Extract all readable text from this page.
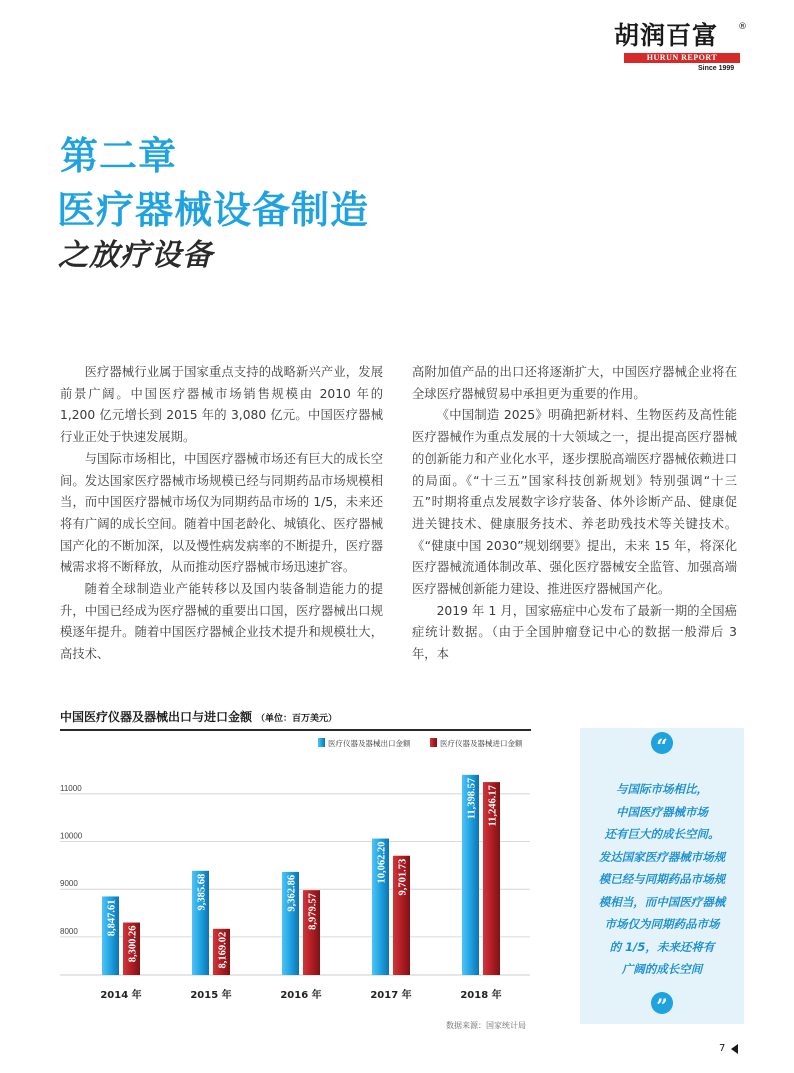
胡润百富	®
HURUN REPORT
Since 1999
第二章
医疗器械设备制造
之放疗设备

医疗器械行业属于国家重点支持的战略新兴产业，发展前景广阔。中国医疗器械市场销售规模由 2010 年的 1,200 亿元增长到 2015 年的 3,080 亿元。中国医疗器械行业正处于快速发展期。

与国际市场相比，中国医疗器械市场还有巨大的成长空间。发达国家医疗器械市场规模已经与同期药品市场规模相当，而中国医疗器械市场仅为同期药品市场的 1/5，未来还将有广阔的成长空间。随着中国老龄化、城镇化、医疗器械国产化的不断加深，以及慢性病发病率的不断提升，医疗器械需求将不断释放，从而推动医疗器械市场迅速扩容。

随着全球制造业产能转移以及国内装备制造能力的提升，中国已经成为医疗器械的重要出口国，医疗器械出口规模逐年提升。随着中国医疗器械企业技术提升和规模壮大，高技术、

高附加值产品的出口还将逐渐扩大，中国医疗器械企业将在全球医疗器械贸易中承担更为重要的作用。

《中国制造 2025》明确把新材料、生物医药及高性能医疗器械作为重点发展的十大领域之一，提出提高医疗器械的创新能力和产业化水平，逐步摆脱高端医疗器械依赖进口的局面。《“十三五”国家科技创新规划》特别强调“十三五”时期将重点发展数字诊疗装备、体外诊断产品、健康促进关键技术、健康服务技术、养老助残技术等关键技术。《“健康中国 2030”规划纲要》提出，未来 15 年，将深化医疗器械流通体制改革、强化医疗器械安全监管、加强高端医疗器械创新能力建设、推进医疗器械国产化。

2019 年 1 月，国家癌症中心发布了最新一期的全国癌症统计数据。（由于全国肿瘤登记中心的数据一般滞后 3 年，本

中国医疗仪器及器械出口与进口金额 （单位：百万美元）
8000
9000
10000
11000
8,847.61
8,300.26
2014 年
9,385.68
8,169.02
2015 年
9,362.86 8,979.57
2016 年
10,062.20 9,701.73
2017 年
11,398.57 11,246.17
2018 年
医疗仪器及器械出口金额	医疗仪器及器械进口金额
数据来源：国家统计局
“
与国际市场相比，
中国医疗器械市场
还有巨大的成长空间。
发达国家医疗器械市场规
模已经与同期药品市场规
模相当，而中国医疗器械
市场仅为同期药品市场
的 1/5，未来还将有
广阔的成长空间
”
7
